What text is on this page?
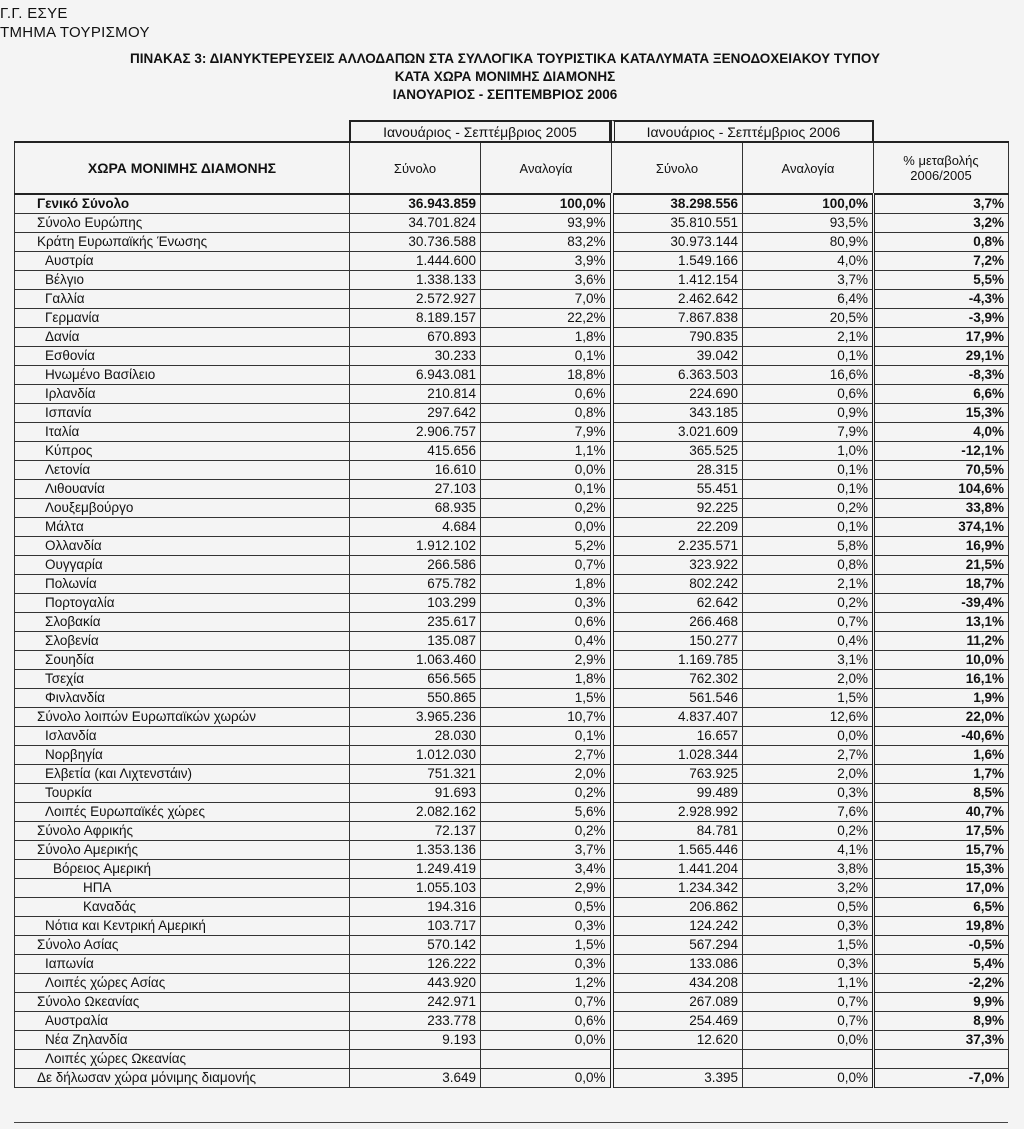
Γ.Γ. ΕΣΥΕ
ΤΜΗΜΑ ΤΟΥΡΙΣΜΟΥ
ΠΙΝΑΚΑΣ 3: ΔΙΑΝΥΚΤΕΡΕΥΣΕΙΣ ΑΛΛΟΔΑΠΩΝ ΣΤΑ ΣΥΛΛΟΓΙΚΑ ΤΟΥΡΙΣΤΙΚΑ ΚΑΤΑΛΥΜΑΤΑ ΞΕΝΟΔΟΧΕΙΑΚΟΥ ΤΥΠΟΥ
ΚΑΤΑ ΧΩΡΑ ΜΟΝΙΜΗΣ ΔΙΑΜΟΝΗΣ
ΙΑΝΟΥΑΡΙΟΣ - ΣΕΠΤΕΜΒΡΙΟΣ 2006
Ιανουάριος - Σεπτέμβριος 2005	Ιανουάριος - Σεπτέμβριος 2006
ΧΩΡΑ ΜΟΝΙΜΗΣ ΔΙΑΜΟΝΗΣ	Σύνολο	Αναλογία	Σύνολο	Αναλογία	% μεταβολής
2006/2005

Γενικό Σύνολο	36.943.859	100,0%	38.298.556	100,0%	3,7%
Σύνολο Ευρώπης	34.701.824	93,9%	35.810.551	93,5%	3,2%
Κράτη Ευρωπαϊκής Ένωσης	30.736.588	83,2%	30.973.144	80,9%	0,8%
Αυστρία	1.444.600	3,9%	1.549.166	4,0%	7,2%
Βέλγιο	1.338.133	3,6%	1.412.154	3,7%	5,5%
Γαλλία	2.572.927	7,0%	2.462.642	6,4%	-4,3%
Γερμανία	8.189.157	22,2%	7.867.838	20,5%	-3,9%
Δανία	670.893	1,8%	790.835	2,1%	17,9%
Εσθονία	30.233	0,1%	39.042	0,1%	29,1%
Ηνωμένο Βασίλειο	6.943.081	18,8%	6.363.503	16,6%	-8,3%
Ιρλανδία	210.814	0,6%	224.690	0,6%	6,6%
Ισπανία	297.642	0,8%	343.185	0,9%	15,3%
Ιταλία	2.906.757	7,9%	3.021.609	7,9%	4,0%
Κύπρος	415.656	1,1%	365.525	1,0%	-12,1%
Λετονία	16.610	0,0%	28.315	0,1%	70,5%
Λιθουανία	27.103	0,1%	55.451	0,1%	104,6%
Λουξεμβούργο	68.935	0,2%	92.225	0,2%	33,8%
Μάλτα	4.684	0,0%	22.209	0,1%	374,1%
Ολλανδία	1.912.102	5,2%	2.235.571	5,8%	16,9%
Ουγγαρία	266.586	0,7%	323.922	0,8%	21,5%
Πολωνία	675.782	1,8%	802.242	2,1%	18,7%
Πορτογαλία	103.299	0,3%	62.642	0,2%	-39,4%
Σλοβακία	235.617	0,6%	266.468	0,7%	13,1%
Σλοβενία	135.087	0,4%	150.277	0,4%	11,2%
Σουηδία	1.063.460	2,9%	1.169.785	3,1%	10,0%
Τσεχία	656.565	1,8%	762.302	2,0%	16,1%
Φινλανδία	550.865	1,5%	561.546	1,5%	1,9%
Σύνολο λοιπών Ευρωπαϊκών χωρών	3.965.236	10,7%	4.837.407	12,6%	22,0%
Ισλανδία	28.030	0,1%	16.657	0,0%	-40,6%
Νορβηγία	1.012.030	2,7%	1.028.344	2,7%	1,6%
Ελβετία (και Λιχτενστάιν)	751.321	2,0%	763.925	2,0%	1,7%
Τουρκία	91.693	0,2%	99.489	0,3%	8,5%
Λοιπές Ευρωπαϊκές χώρες	2.082.162	5,6%	2.928.992	7,6%	40,7%
Σύνολο Αφρικής	72.137	0,2%	84.781	0,2%	17,5%
Σύνολο Αμερικής	1.353.136	3,7%	1.565.446	4,1%	15,7%
Βόρειος Αμερική	1.249.419	3,4%	1.441.204	3,8%	15,3%
ΗΠΑ	1.055.103	2,9%	1.234.342	3,2%	17,0%
Καναδάς	194.316	0,5%	206.862	0,5%	6,5%
Νότια και Κεντρική Αμερική	103.717	0,3%	124.242	0,3%	19,8%
Σύνολο Ασίας	570.142	1,5%	567.294	1,5%	-0,5%
Ιαπωνία	126.222	0,3%	133.086	0,3%	5,4%
Λοιπές χώρες Ασίας	443.920	1,2%	434.208	1,1%	-2,2%
Σύνολο Ωκεανίας	242.971	0,7%	267.089	0,7%	9,9%
Αυστραλία	233.778	0,6%	254.469	0,7%	8,9%
Νέα Ζηλανδία	9.193	0,0%	12.620	0,0%	37,3%
Λοιπές χώρες Ωκεανίας					
Δε δήλωσαν χώρα μόνιμης διαμονής	3.649	0,0%	3.395	0,0%	-7,0%
